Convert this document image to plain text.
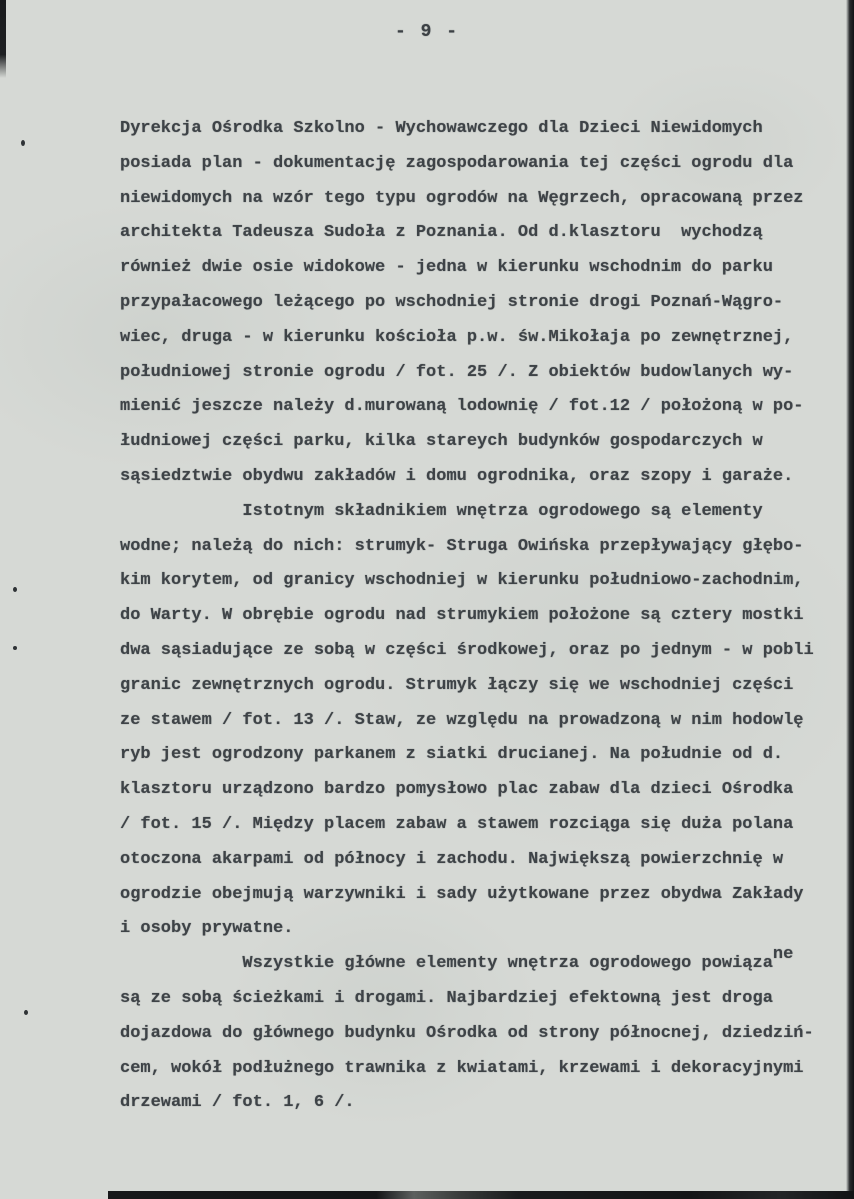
- 9 -
Dyrekcja Ośrodka Szkolno - Wychowawczego dla Dzieci Niewidomych
posiada plan - dokumentację zagospodarowania tej części ogrodu dla
niewidomych na wzór tego typu ogrodów na Węgrzech, opracowaną przez
architekta Tadeusza Sudoła z Poznania. Od d.klasztoru  wychodzą
również dwie osie widokowe - jedna w kierunku wschodnim do parku
przypałacowego leżącego po wschodniej stronie drogi Poznań-Wągro-
wiec, druga - w kierunku kościoła p.w. św.Mikołaja po zewnętrznej,
południowej stronie ogrodu / fot. 25 /. Z obiektów budowlanych wy-
mienić jeszcze należy d.murowaną lodownię / fot.12 / położoną w po-
łudniowej części parku, kilka stareych budynków gospodarczych w
sąsiedztwie obydwu zakładów i domu ogrodnika, oraz szopy i garaże.
Istotnym składnikiem wnętrza ogrodowego są elementy
wodne; należą do nich: strumyk- Struga Owińska przepływający głębo-
kim korytem, od granicy wschodniej w kierunku południowo-zachodnim,
do Warty. W obrębie ogrodu nad strumykiem położone są cztery mostki
dwa sąsiadujące ze sobą w części środkowej, oraz po jednym - w pobli
granic zewnętrznych ogrodu. Strumyk łączy się we wschodniej części
ze stawem / fot. 13 /. Staw, ze względu na prowadzoną w nim hodowlę
ryb jest ogrodzony parkanem z siatki drucianej. Na południe od d.
klasztoru urządzono bardzo pomysłowo plac zabaw dla dzieci Ośrodka
/ fot. 15 /. Między placem zabaw a stawem rozciąga się duża polana
otoczona akarpami od północy i zachodu. Największą powierzchnię w
ogrodzie obejmują warzywniki i sady użytkowane przez obydwa Zakłady
i osoby prywatne.
Wszystkie główne elementy wnętrza ogrodowego powiązane
są ze sobą ścieżkami i drogami. Najbardziej efektowną jest droga
dojazdowa do głównego budynku Ośrodka od strony północnej, dziedziń-
cem, wokół podłużnego trawnika z kwiatami, krzewami i dekoracyjnymi
drzewami / fot. 1, 6 /.
